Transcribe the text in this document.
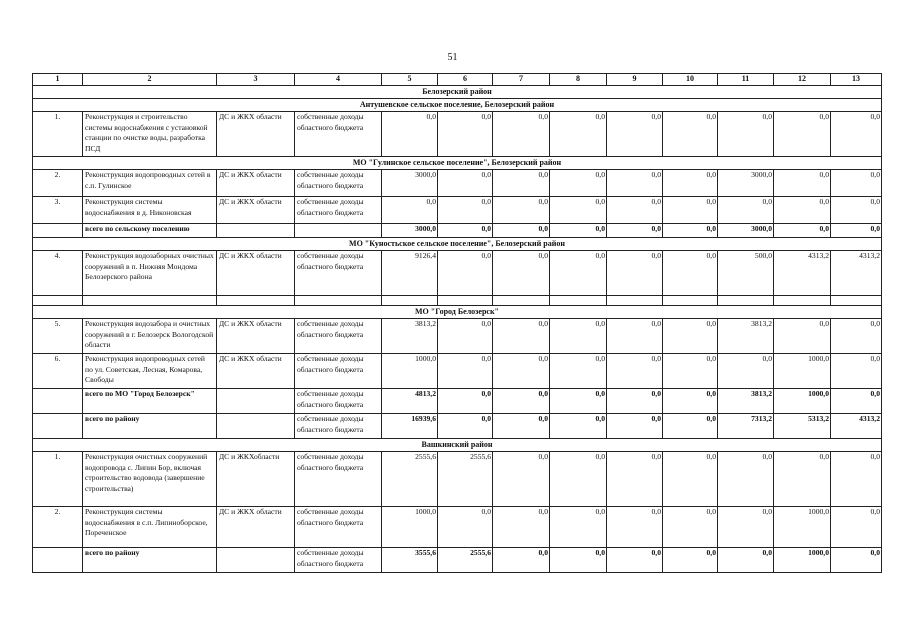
51
1	2	3	4	5	6	7	8	9	10	11	12	13
Белозерский район												
Антушевское сельское поселение, Белозерский район												
1.	Реконструкция и строительство системы водоснабжения с установкой станции по очистке воды, разработка ПСД	ДС и ЖКХ области	собственные доходы областного бюджета	0,0	0,0	0,0	0,0	0,0	0,0	0,0	0,0	0,0
МО "Гулинское сельское поселение", Белозерский район												
2.	Реконструкция водопроводных сетей в с.п. Гулинское	ДС и ЖКХ области	собственные доходы областного бюджета	3000,0	0,0	0,0	0,0	0,0	0,0	3000,0	0,0	0,0
3.	Реконструкция системы водоснабжения в д. Никоновская	ДС и ЖКХ области	собственные доходы областного бюджета	0,0	0,0	0,0	0,0	0,0	0,0	0,0	0,0	0,0
	всего по сельскому поселению			3000,0	0,0	0,0	0,0	0,0	0,0	3000,0	0,0	0,0
МО "Куностьское сельское поселение", Белозерский район												
4.	Реконструкция водозаборных очистных сооружений в п. Нижняя Мондома Белозерского района	ДС и ЖКХ области	собственные доходы областного бюджета	9126,4	0,0	0,0	0,0	0,0	0,0	500,0	4313,2	4313,2

МО "Город Белозерск"												
5.	Реконструкция водозабора и очистных сооружений в г. Белозерск Вологодской области	ДС и ЖКХ области	собственные доходы областного бюджета	3813,2	0,0	0,0	0,0	0,0	0,0	3813,2	0,0	0,0
6.	Реконструкция водопроводных сетей по ул. Советская, Лесная, Комарова, Свободы	ДС и ЖКХ области	собственные доходы областного бюджета	1000,0	0,0	0,0	0,0	0,0	0,0	0,0	1000,0	0,0
	всего по МО "Город Белозерск"		собственные доходы областного бюджета	4813,2	0,0	0,0	0,0	0,0	0,0	3813,2	1000,0	0,0
	всего по району		собственные доходы областного бюджета	16939,6	0,0	0,0	0,0	0,0	0,0	7313,2	5313,2	4313,2
Вашкинский район												
1.	Реконструкция очистных сооружений водопровода с. Липин Бор, включая строительство водовода (завершение строительства)	ДС и ЖКХобласти	собственные доходы областного бюджета	2555,6	2555,6	0,0	0,0	0,0	0,0	0,0	0,0	0,0
2.	Реконструкция системы водоснабжения в с.п. Липиноборское, Пореченское	ДС и ЖКХ области	собственные доходы областного бюджета	1000,0	0,0	0,0	0,0	0,0	0,0	0,0	1000,0	0,0
	всего по району		собственные доходы областного бюджета	3555,6	2555,6	0,0	0,0	0,0	0,0	0,0	1000,0	0,0
